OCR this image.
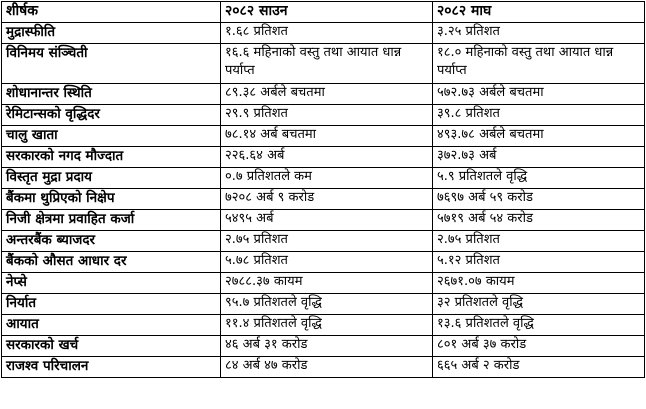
शीर्षक	२०८२ साउन	२०८२ माघ
मुद्रास्फीति	१.६८ प्रतिशत	३.२५ प्रतिशत
विनिमय संञ्चिती	१६.६ महिनाको वस्तु तथा आयात धान्न पर्याप्त	१८.० महिनाको वस्तु तथा आयात धान्न पर्याप्त

शोधानान्तर स्थिति	८९.३८ अर्बले बचतमा	५७२.७३ अर्बले बचतमा
रेमिटान्सको वृद्धिदर	२९.९ प्रतिशत	३९.८ प्रतिशत
चालु खाता	७८.१४ अर्ब बचतमा	४९३.७८ अर्बले बचतमा
सरकारको नगद मौज्दात	२२६.६४ अर्ब	३७२.७३ अर्ब
विस्तृत मुद्रा प्रदाय	०.७ प्रतिशतले कम	५.९ प्रतिशतले वृद्धि
बैंकमा थुप्रिएको निक्षेप	७२०८ अर्ब ९ करोड	७६९७ अर्ब ५९ करोड
निजी क्षेत्रमा प्रवाहित कर्जा	५४९५ अर्ब	५७१९ अर्ब ५४ करोड
अन्तरबैंक ब्याजदर	२.७५ प्रतिशत	२.७५ प्रतिशत
बैंकको औसत आधार दर	५.७८ प्रतिशत	५.१२ प्रतिशत
नेप्से	२७८८.३७ कायम	२६७१.०७ कायम
निर्यात	९५.७ प्रतिशतले वृद्धि	३२ प्रतिशतले वृद्धि
आयात	११.४ प्रतिशतले वृद्धि	१३.६ प्रतिशतले वृद्धि
सरकारको खर्च	४६ अर्ब ३१ करोड	८०१ अर्ब ३७ करोड
राजश्व परिचालन	८४ अर्ब ४७ करोड	६६५ अर्ब २ करोड
